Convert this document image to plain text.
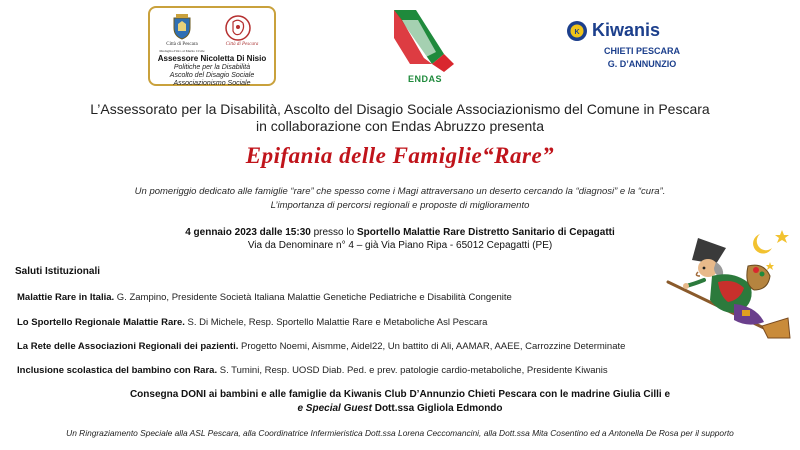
Città di Pescara
Medaglia d'Oro al Merito Civile
Città di Pescara
Assessore Nicoletta Di Nisio
Politiche per la Disabilità
Ascolto del Disagio Sociale
Associazionismo Sociale	ENDAS
K Kiwanis
CHIETI PESCARA
G. D’ANNUNZIO
L’Assessorato per la Disabilità, Ascolto del Disagio Sociale Associazionismo del Comune in Pescara
in collaborazione con Endas Abruzzo presenta
Epifania delle Famiglie“Rare”
Un pomeriggio dedicato alle famiglie “rare” che spesso come i Magi attraversano un deserto cercando la “diagnosi” e la “cura”.
L’importanza di percorsi regionali e proposte di miglioramento
4 gennaio 2023 dalle 15:30 presso lo Sportello Malattie Rare Distretto Sanitario di Cepagatti
Via da Denominare n° 4 – già Via Piano Ripa - 65012 Cepagatti (PE)
Saluti Istituzionali
Malattie Rare in Italia. G. Zampino, Presidente Società Italiana Malattie Genetiche Pediatriche e Disabilità Congenite
Lo Sportello Regionale Malattie Rare. S. Di Michele, Resp. Sportello Malattie Rare e Metaboliche Asl Pescara
La Rete delle Associazioni Regionali dei pazienti. Progetto Noemi, Aismme, Aidel22, Un battito di Ali, AAMAR, AAEE, Carrozzine Determinate
Inclusione scolastica del bambino con Rara. S. Tumini, Resp. UOSD Diab. Ped. e prev. patologie cardio-metaboliche, Presidente Kiwanis
Consegna DONI ai bambini e alle famiglie da Kiwanis Club D’Annunzio Chieti Pescara con le madrine Giulia Cilli e
e Special Guest Dott.ssa Gigliola Edmondo
Un Ringraziamento Speciale alla ASL Pescara, alla Coordinatrice Infermieristica Dott.ssa Lorena Ceccomancini, alla Dott.ssa Mita Cosentino ed a Antonella De Rosa per il supporto
